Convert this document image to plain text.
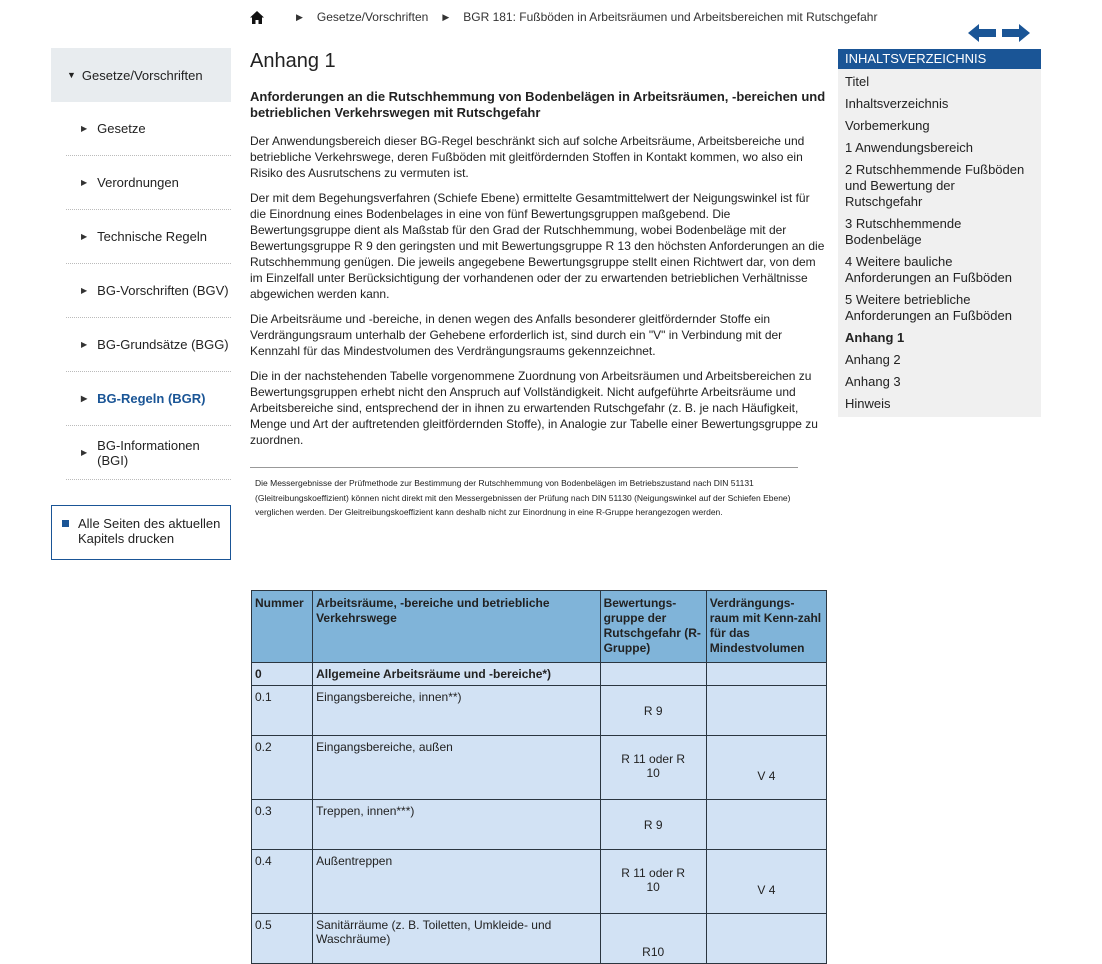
▶ Gesetze/Vorschriften ▶ BGR 181: Fußböden in Arbeitsräumen und Arbeitsbereichen mit Rutschgefahr
▼ Gesetze/Vorschriften
▶ Gesetze
▶ Verordnungen
▶ Technische Regeln
▶ BG-Vorschriften (BGV)
▶ BG-Grundsätze (BGG)
▶ BG-Regeln (BGR)
▶ BG-Informationen (BGI)
Alle Seiten des aktuellen Kapitels drucken
Anhang 1
Anforderungen an die Rutschhemmung von Bodenbelägen in Arbeitsräumen, -bereichen und betrieblichen Verkehrswegen mit Rutschgefahr

Der Anwendungsbereich dieser BG-Regel beschränkt sich auf solche Arbeitsräume, Arbeitsbereiche und betriebliche Verkehrswege, deren Fußböden mit gleitfördernden Stoffen in Kontakt kommen, wo also ein Risiko des Ausrutschens zu vermuten ist.

Der mit dem Begehungsverfahren (Schiefe Ebene) ermittelte Gesamtmittelwert der Neigungswinkel ist für die Einordnung eines Bodenbelages in eine von fünf Bewertungsgruppen maßgebend. Die Bewertungsgruppe dient als Maßstab für den Grad der Rutschhemmung, wobei Bodenbeläge mit der Bewertungsgruppe R 9 den geringsten und mit Bewertungsgruppe R 13 den höchsten Anforderungen an die Rutschhemmung genügen. Die jeweils angegebene Bewertungsgruppe stellt einen Richtwert dar, von dem im Einzelfall unter Berücksichtigung der vorhandenen oder der zu erwartenden betrieblichen Verhältnisse abgewichen werden kann.

Die Arbeitsräume und -bereiche, in denen wegen des Anfalls besonderer gleitfördernder Stoffe ein Verdrängungsraum unterhalb der Gehebene erforderlich ist, sind durch ein "V" in Verbindung mit der Kennzahl für das Mindestvolumen des Verdrängungsraums gekennzeichnet.

Die in der nachstehenden Tabelle vorgenommene Zuordnung von Arbeitsräumen und Arbeitsbereichen zu Bewertungsgruppen erhebt nicht den Anspruch auf Vollständigkeit. Nicht aufgeführte Arbeitsräume und Arbeitsbereiche sind, entsprechend der in ihnen zu erwartenden Rutschgefahr (z. B. je nach Häufigkeit, Menge und Art der auftretenden gleitfördernden Stoffe), in Analogie zur Tabelle einer Bewertungsgruppe zu zuordnen.

Die Messergebnisse der Prüfmethode zur Bestimmung der Rutschhemmung von Bodenbelägen im Betriebszustand nach DIN 51131 (Gleitreibungskoeffizient) können nicht direkt mit den Messergebnissen der Prüfung nach DIN 51130 (Neigungswinkel auf der Schiefen Ebene) verglichen werden. Der Gleitreibungskoeffizient kann deshalb nicht zur Einordnung in eine R-Gruppe herangezogen werden.
Nummer	Arbeitsräume, -bereiche und betriebliche Verkehrswege	Bewertungs-gruppe der Rutschgefahr (R-Gruppe)	Verdrängungs-raum mit Kenn-zahl für das Mindestvolumen
0	Allgemeine Arbeitsräume und -bereiche*)		
0.1	Eingangsbereiche, innen**)	R 9	
0.2	Eingangsbereiche, außen	R 11 oder R 10	V 4
0.3	Treppen, innen***)	R 9	
0.4	Außentreppen	R 11 oder R 10	V 4
0.5	Sanitärräume (z. B. Toiletten, Umkleide- und Waschräume)	R10	
INHALTSVERZEICHNIS
Titel
Inhaltsverzeichnis
Vorbemerkung
1 Anwendungsbereich
2 Rutschhemmende Fußböden und Bewertung der Rutschgefahr
3 Rutschhemmende Bodenbeläge
4 Weitere bauliche Anforderungen an Fußböden
5 Weitere betriebliche Anforderungen an Fußböden
Anhang 1
Anhang 2
Anhang 3
Hinweis
